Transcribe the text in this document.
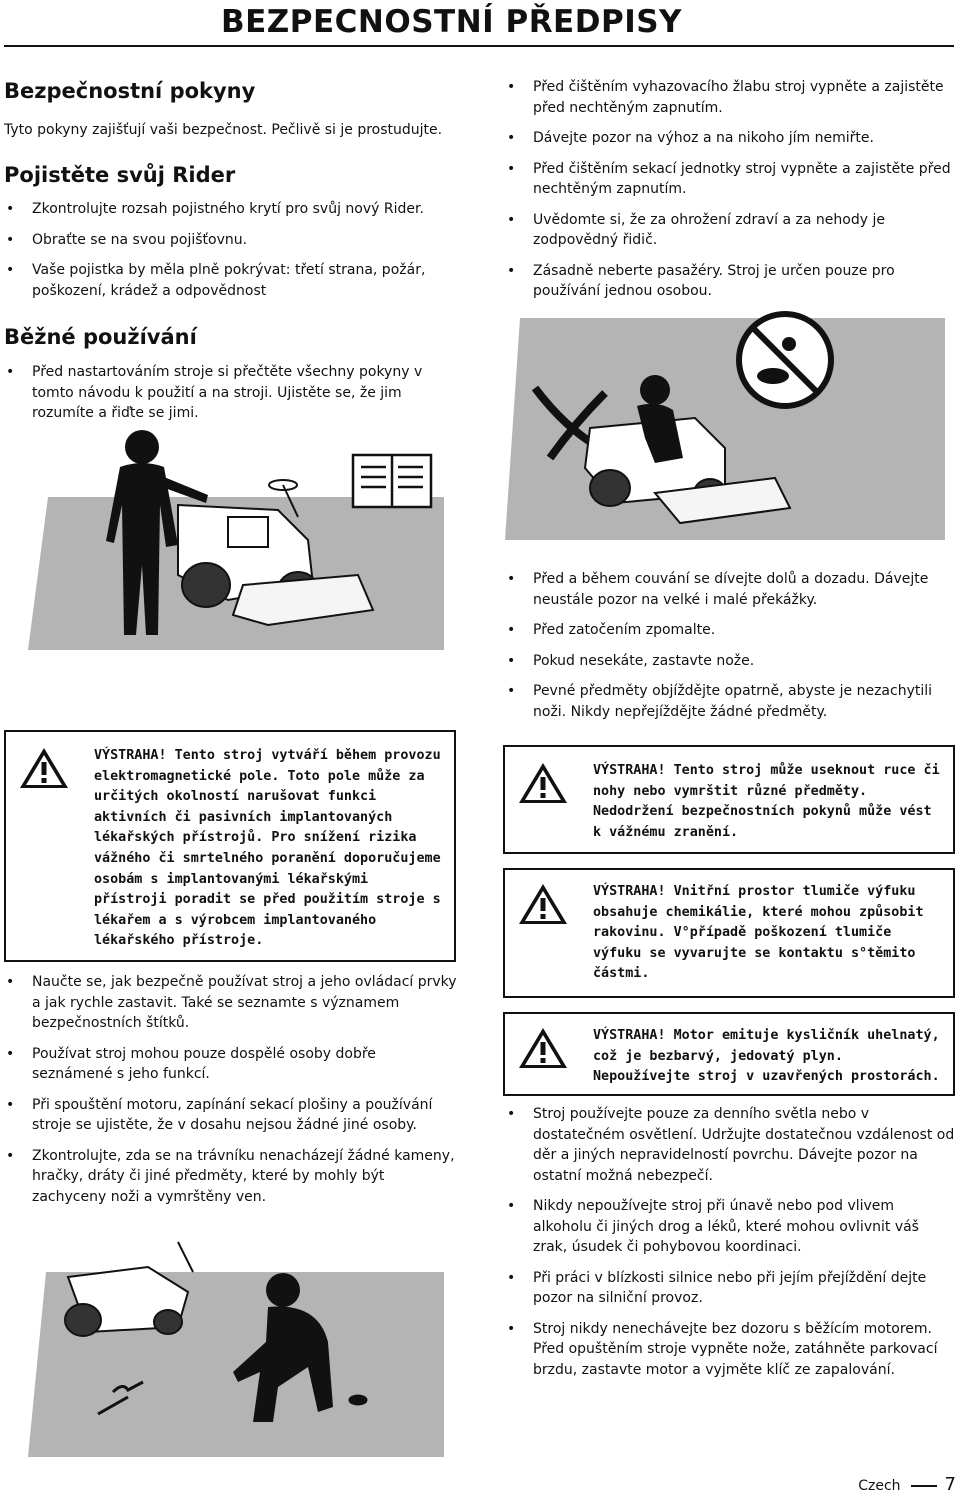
BEZPECNOSTNÍ PŘEDPISY
Bezpečnostní pokyny
Tyto pokyny zajišťují vaši bezpečnost. Pečlivě si je prostudujte.
Pojistěte svůj Rider
• Zkontrolujte rozsah pojistného krytí pro svůj nový Rider.
• Obraťte se na svou pojišťovnu.
• Vaše pojistka by měla plně pokrývat: třetí strana, požár, poškození, krádež a odpovědnost
Běžné používání
• Před nastartováním stroje si přečtěte všechny pokyny v tomto návodu k použití a na stroji. Ujistěte se, že jim rozumíte a řiďte se jimi.
VÝSTRAHA! Tento stroj vytváří během provozu elektromagnetické pole. Toto pole může za určitých okolností narušovat funkci aktivních či pasivních implantovaných lékařských přístrojů. Pro snížení rizika vážného či smrtelného poranění doporučujeme osobám s implantovanými lékařskými přístroji poradit se před použitím stroje s lékařem a s výrobcem implantovaného lékařského přístroje.
• Naučte se, jak bezpečně používat stroj a jeho ovládací prvky a jak rychle zastavit. Také se seznamte s významem bezpečnostních štítků.
• Používat stroj mohou pouze dospělé osoby dobře seznámené s jeho funkcí.
• Při spouštění motoru, zapínání sekací plošiny a používání stroje se ujistěte, že v dosahu nejsou žádné jiné osoby.
• Zkontrolujte, zda se na trávníku nenacházejí žádné kameny, hračky, dráty či jiné předměty, které by mohly být zachyceny noži a vymrštěny ven.
• Před čištěním vyhazovacího žlabu stroj vypněte a zajistěte před nechtěným zapnutím.
• Dávejte pozor na výhoz a na nikoho jím nemiřte.
• Před čištěním sekací jednotky stroj vypněte a zajistěte před nechtěným zapnutím.
• Uvědomte si, že za ohrožení zdraví a za nehody je zodpovědný řidič.
• Zásadně neberte pasažéry. Stroj je určen pouze pro používání jednou osobou.
• Před a během couvání se dívejte dolů a dozadu. Dávejte neustále pozor na velké i malé překážky.
• Před zatočením zpomalte.
• Pokud nesekáte, zastavte nože.
• Pevné předměty objíždějte opatrně, abyste je nezachytili noži. Nikdy nepřejíždějte žádné předměty.
VÝSTRAHA! Tento stroj může useknout ruce či nohy nebo vymrštit různé předměty. Nedodržení bezpečnostních pokynů může vést k vážnému zranění.
VÝSTRAHA! Vnitřní prostor tlumiče výfuku obsahuje chemikálie, které mohou způsobit rakovinu. V°případě poškození tlumiče výfuku se vyvarujte se kontaktu s°těmito částmi.
VÝSTRAHA! Motor emituje kysličník uhelnatý, což je bezbarvý, jedovatý plyn. Nepoužívejte stroj v uzavřených prostorách.
• Stroj používejte pouze za denního světla nebo v dostatečném osvětlení. Udržujte dostatečnou vzdálenost od děr a jiných nepravidelností povrchu. Dávejte pozor na ostatní možná nebezpečí.
• Nikdy nepoužívejte stroj při únavě nebo pod vlivem alkoholu či jiných drog a léků, které mohou ovlivnit váš zrak, úsudek či pohybovou koordinaci.
• Při práci v blízkosti silnice nebo při jejím přejíždění dejte pozor na silniční provoz.
• Stroj nikdy nenechávejte bez dozoru s běžícím motorem. Před opuštěním stroje vypněte nože, zatáhněte parkovací brzdu, zastavte motor a vyjměte klíč ze zapalování.
Czech 7
